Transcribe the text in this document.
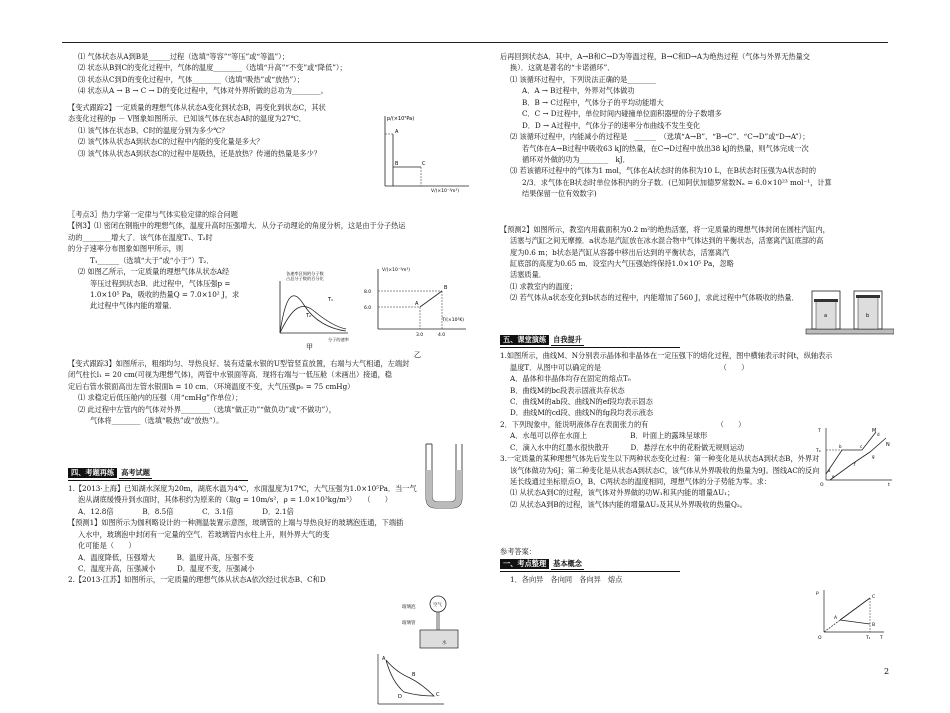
⑴ 气体状态从A到B是______过程（选填“等容”“等压”或“等温”）；
⑵ 状态从B到C的变化过程中，气体的温度________（选填“升高”“不变”或“降低”）；
⑶ 状态从C到D的变化过程中，气体________（选填“吸热”或“放热”）；
⑷ 状态从A → B → C → D的变化过程中，气体对外界所做的总功为________。
【变式跟踪2】一定质量的理想气体从状态A变化到状态B，再变化到状态C，其状
态变化过程的p － V图象如图所示．已知该气体在状态A时的温度为27℃．
⑴ 该气体在状态B、C时的温度分别为多少℃？
⑵ 该气体从状态A到状态C的过程中内能的变化量是多大？
⑶ 该气体从状态A到状态C的过程中是吸热，还是放热？传递的热量是多少？
〖考点3〗热力学第一定律与气体实验定律的综合问题
【例3】⑴ 密闭在钢瓶中的理想气体，温度升高时压强增大．从分子动理论的角度分析，这是由于分子热运
动的________增大了．该气体在温度T₁、T₂时
的分子速率分布图象如图甲所示，则
T₁______（选填“大于”或“小于”）T₂．
⑵ 如图乙所示，一定质量的理想气体从状态A经
等压过程到状态B．此过程中，气体压强p =
1.0×10⁵ Pa，吸收的热量Q = 7.0×10² J，求
此过程中气体内能的增量．
【变式跟踪3】如图所示，粗细均匀、导热良好、装有适量水银的U型管竖直放置，右端与大气相通，左端封
闭气柱长l₁ = 20 cm(可视为理想气体)，两管中水银面等高．现将右端与一低压舱（未画出）接通，稳
定后右管水银面高出左管水银面h = 10 cm．（环境温度不变，大气压强p₀ = 75 cmHg）
⑴ 求稳定后低压舱内的压强（用“cmHg”作单位）；
⑵ 此过程中左管内的气体对外界________（选填“做正功”“做负功”或“不做功”），
气体将________（选填“吸热”或“放热”）。
四、考题再练 高考试题
1.【2013·上海】已知湖水深度为20m，湖底水温为4℃，水面温度为17℃，大气压强为1.0×10⁵Pa．当一气
泡从湖底缓慢升到水面时，其体积约为原来的（取g = 10m/s²，ρ = 1.0×10³kg/m³）　　（　　）
A．12.8倍　　　　B．8.5倍　　　　C．3.1倍　　　　D．2.1倍
【预测1】如图所示为伽利略设计的一种测温装置示意图，玻璃管的上端与导热良好的玻璃泡连通，下端插
入水中，玻璃泡中封闭有一定量的空气．若玻璃管内水柱上升，则外界大气的变
化可能是（　　）
A．温度降低，压强增大　　　B．温度升高，压强不变
C．温度升高，压强减小　　　D．温度不变，压强减小
2.【2013·江苏】如图所示，一定质量的理想气体从状态A依次经过状态B、C和D
后再回到状态A．其中，A→B和C→D为等温过程，B→C和D→A为绝热过程（气体与外界无热量交
换）．这就是著名的“卡诺循环”．
⑴ 该循环过程中，下列说法正确的是________
A．A → B过程中，外界对气体做功
B．B → C过程中，气体分子的平均动能增大
C．C → D过程中，单位时间内碰撞单位面积器壁的分子数增多
D．D → A过程中，气体分子的速率分布曲线不发生变化
⑵ 该循环过程中，内能减小的过程是　______　（选填“A→B”、“B→C”、“C→D”或“D→A”）；
若气体在A→B过程中吸收63 kJ的热量，在C→D过程中放出38 kJ的热量，则气体完成一次
循环对外做的功为________　kJ．
⑶ 若该循环过程中的气体为1 mol，气体在A状态时的体积为10 L，在B状态时压强为A状态时的
2/3．求气体在B状态时单位体积内的分子数．(已知阿伏加德罗常数Nₐ = 6.0×10²³ mol⁻¹，计算
结果保留一位有效数字)
【预测2】如图所示，教室内用截面积为0.2 m²的绝热活塞，将一定质量的理想气体封闭在圆柱汽缸内，
活塞与汽缸之间无摩擦．a状态是汽缸放在冰水混合物中气体达到的平衡状态，活塞离汽缸底部的高
度为0.6 m；b状态是汽缸从容器中移出后达到的平衡状态，活塞离汽
缸底部的高度为0.65 m．设室内大气压强始终保持1.0×10⁵ Pa，忽略
活塞质量．
⑴ 求教室内的温度；
⑵ 若气体从a状态变化到b状态的过程中，内能增加了560 J，求此过程中气体吸收的热量．
五、课堂演练 自我提升
1.如图所示，曲线M、N分别表示晶体和非晶体在一定压强下的熔化过程，图中横轴表示时间t，纵轴表示
温度T．从图中可以确定的是　　　　　　　　　　　　　　　　　（　　）
A．晶体和非晶体均存在固定的熔点T₀
B．曲线M的bc段表示固液共存状态
C．曲线M的ab段、曲线N的ef段均表示固态
D．曲线M的cd段、曲线N的fg段均表示液态
2．下列现象中，能说明液体存在表面张力的有　　　　　　　　　　（　　）
A．水黾可以停在水面上　　　　　　B．叶面上的露珠呈球形
C．滴入水中的红墨水很快散开　　　D．悬浮在水中的花粉做无规则运动
3.一定质量的某种理想气体先后发生以下两种状态变化过程：第一种变化是从状态A到状态B，外界对
该气体做功为6J；第二种变化是从状态A到状态C，该气体从外界吸收的热量为9J。图线AC的反向
延长线通过坐标原点O，B、C两状态的温度相同，理想气体的分子势能为零。求：
⑴ 从状态A到C的过程，该气体对外界做的功W₁和其内能的增量ΔU₁；
⑵ 从状态A到B的过程，该气体内能的增量ΔU₂及其从外界吸收的热量Q₂。
参考答案：
一、考点整理 基本概念
1．各向异　各向同　各向异　熔点
p/(×10⁵Pa)
V/(×10⁻³m³)
A
B	C
各速率区间的分子数
占总分子数的百分比
T₁
T₂
分子的速率
甲
V/(×10⁻³m³)
8.0
6.0
3.0	4.0
A
B
T/(×10²K)
乙
空气
玻璃泡
玻璃管
水
A
B
C
D
M
N
T₀
a
b	c
d
e
f
g
T
t
O
p
T
O
A
B
C
T₁
a	b
2
